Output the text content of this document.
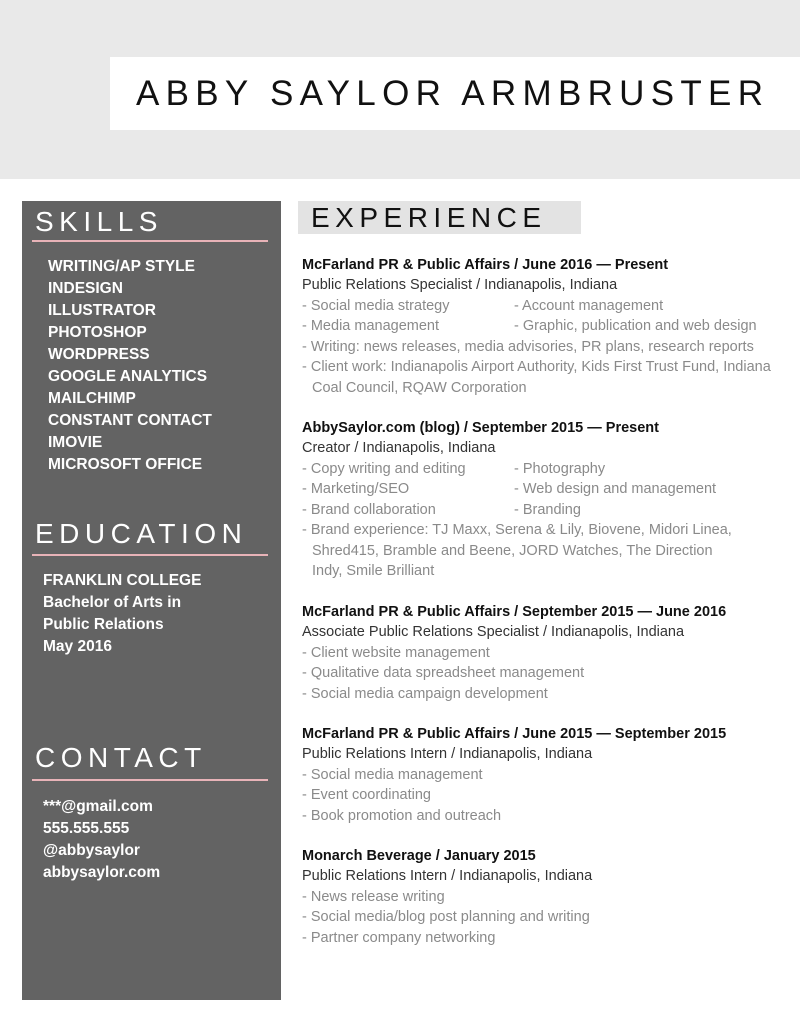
ABBY SAYLOR ARMBRUSTER
SKILLS
WRITING/AP STYLE
INDESIGN
ILLUSTRATOR
PHOTOSHOP
WORDPRESS
GOOGLE ANALYTICS
MAILCHIMP
CONSTANT CONTACT
IMOVIE
MICROSOFT OFFICE
EDUCATION
FRANKLIN COLLEGE
Bachelor of Arts in
Public Relations
May 2016
CONTACT
***@gmail.com
555.555.555
@abbysaylor
abbysaylor.com
EXPERIENCE

McFarland PR & Public Affairs / June 2016 — Present

Public Relations Specialist / Indianapolis, Indiana

- Social media strategy	- Account management
- Media management	- Graphic, publication and web design
- Writing: news releases, media advisories, PR plans, research reports
- Client work: Indianapolis Airport Authority, Kids First Trust Fund, Indiana Coal Council, RQAW Corporation

AbbySaylor.com (blog) / September 2015 — Present

Creator / Indianapolis, Indiana

- Copy writing and editing	- Photography
- Marketing/SEO	- Web design and management
- Brand collaboration	- Branding
- Brand experience: TJ Maxx, Serena & Lily, Biovene, Midori Linea, Shred415, Bramble and Beene, JORD Watches, The Direction Indy, Smile Brilliant

McFarland PR & Public Affairs / September 2015 — June 2016

Associate Public Relations Specialist / Indianapolis, Indiana

- Client website management
- Qualitative data spreadsheet management
- Social media campaign development

McFarland PR & Public Affairs / June 2015 — September 2015

Public Relations Intern / Indianapolis, Indiana

- Social media management
- Event coordinating
- Book promotion and outreach

Monarch Beverage / January 2015

Public Relations Intern / Indianapolis, Indiana

- News release writing
- Social media/blog post planning and writing
- Partner company networking
